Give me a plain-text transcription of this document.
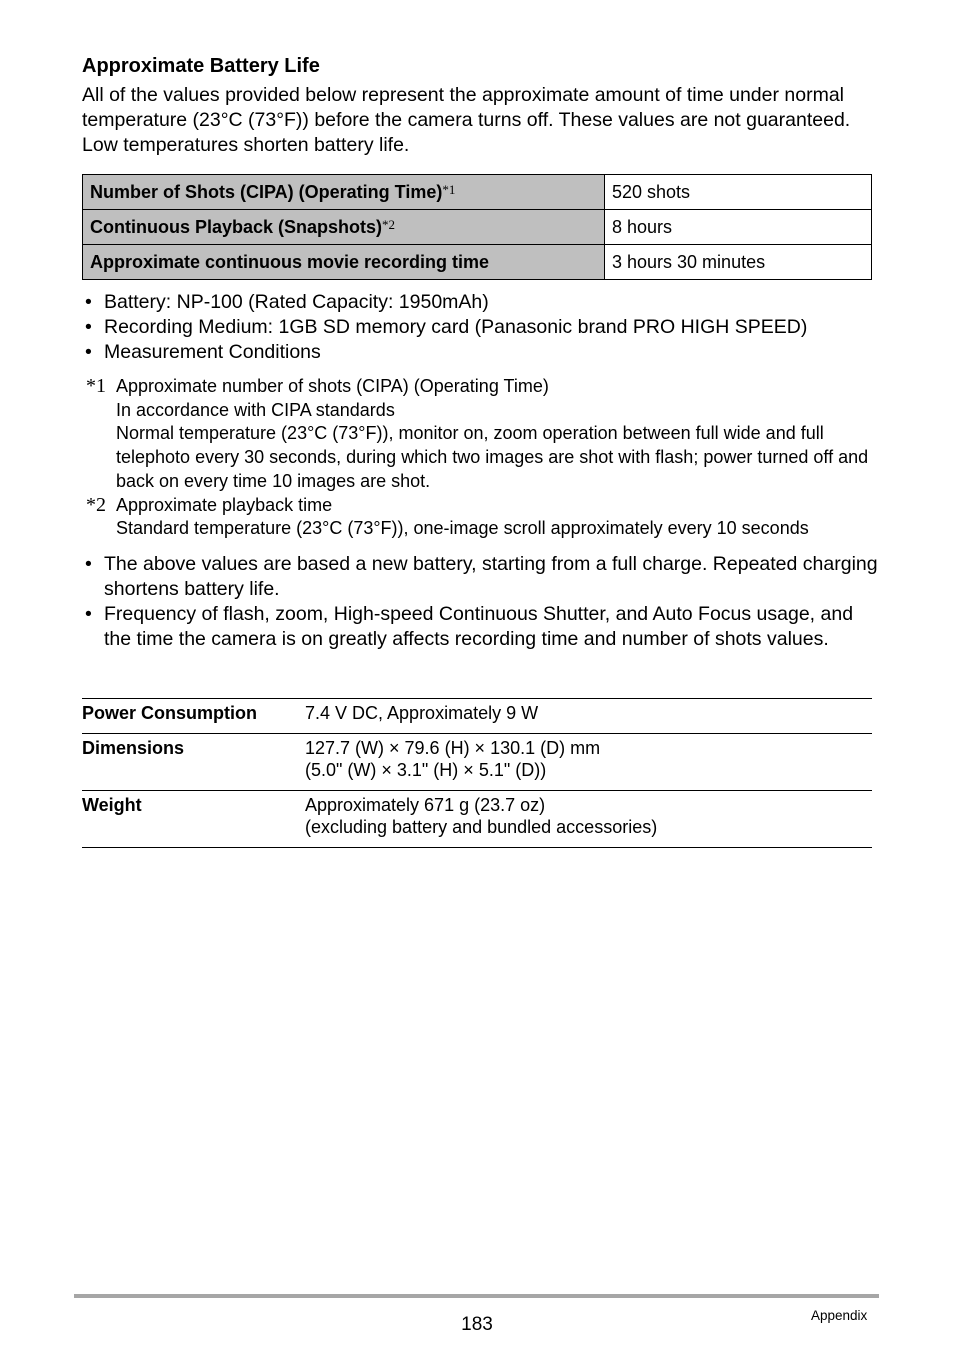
Approximate Battery Life
All of the values provided below represent the approximate amount of time under normal temperature (23°C (73°F)) before the camera turns off. These values are not guaranteed. Low temperatures shorten battery life.
Number of Shots (CIPA) (Operating Time)$^{*1}$	520 shots
Continuous Playback (Snapshots)$^{*2}$	8 hours
Approximate continuous movie recording time	3 hours 30 minutes
• Battery: NP-100 (Rated Capacity: 1950mAh)
• Recording Medium: 1GB SD memory card (Panasonic brand PRO HIGH SPEED)
• Measurement Conditions
*1 Approximate number of shots (CIPA) (Operating Time)
In accordance with CIPA standards
Normal temperature (23°C (73°F)), monitor on, zoom operation between full wide and full telephoto every 30 seconds, during which two images are shot with flash; power turned off and back on every time 10 images are shot.
*2 Approximate playback time
Standard temperature (23°C (73°F)), one-image scroll approximately every 10 seconds
• The above values are based a new battery, starting from a full charge. Repeated charging shortens battery life.
• Frequency of flash, zoom, High-speed Continuous Shutter, and Auto Focus usage, and the time the camera is on greatly affects recording time and number of shots values.
Power Consumption	7.4 V DC, Approximately 9 W
Dimensions	127.7 (W) × 79.6 (H) × 130.1 (D) mm
(5.0" (W) × 3.1" (H) × 5.1" (D))
Weight	Approximately 671 g (23.7 oz)
(excluding battery and bundled accessories)
183	Appendix
